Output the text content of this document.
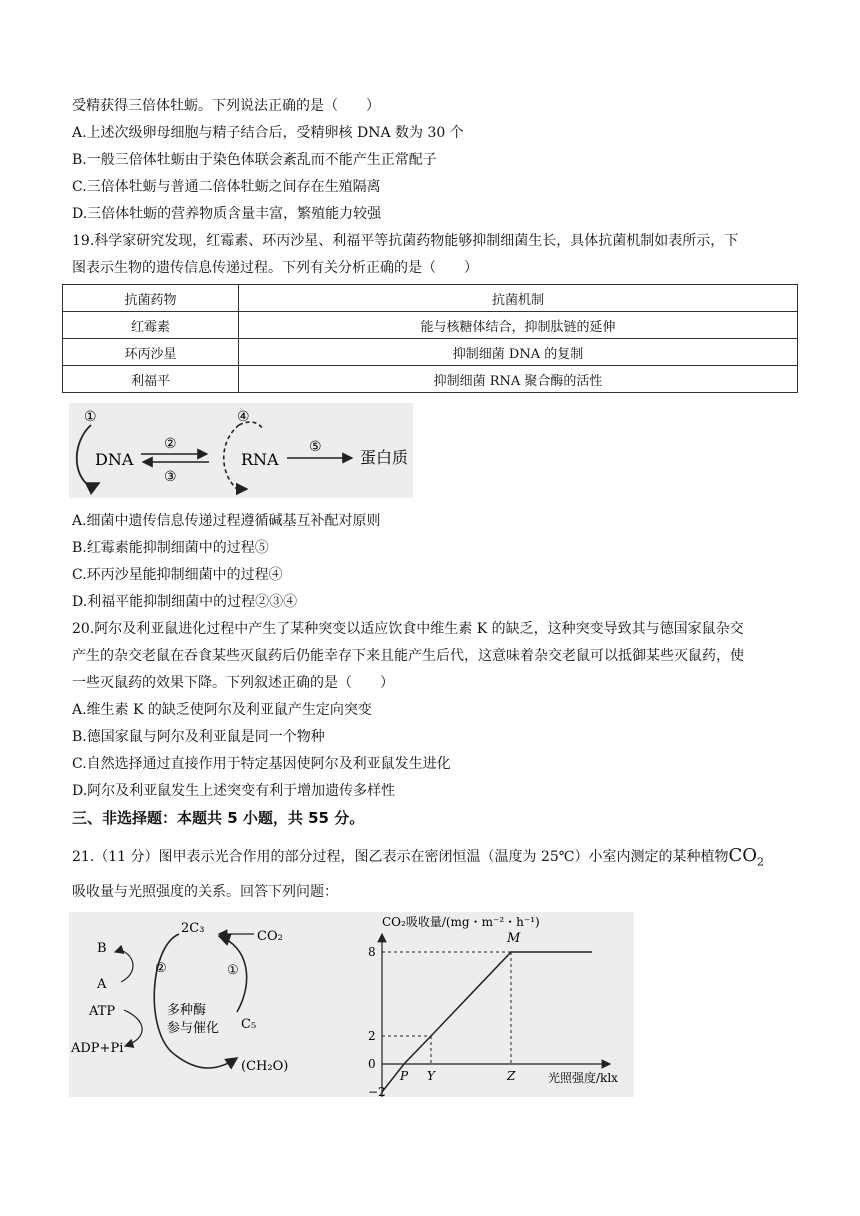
受精获得三倍体牡蛎。下列说法正确的是（　　）
A.上述次级卵母细胞与精子结合后，受精卵核 DNA 数为 30 个
B.一般三倍体牡蛎由于染色体联会紊乱而不能产生正常配子
C.三倍体牡蛎与普通二倍体牡蛎之间存在生殖隔离
D.三倍体牡蛎的营养物质含量丰富，繁殖能力较强
19.科学家研究发现，红霉素、环丙沙星、利福平等抗菌药物能够抑制细菌生长，具体抗菌机制如表所示，下
图表示生物的遗传信息传递过程。下列有关分析正确的是（　　）
抗菌药物	抗菌机制
红霉素	能与核糖体结合，抑制肽链的延伸
环丙沙星	抑制细菌 DNA 的复制
利福平	抑制细菌 RNA 聚合酶的活性
①
DNA
②
③
④
RNA
⑤
蛋白质
A.细菌中遗传信息传递过程遵循碱基互补配对原则
B.红霉素能抑制细菌中的过程⑤
C.环丙沙星能抑制细菌中的过程④
D.利福平能抑制细菌中的过程②③④
20.阿尔及利亚鼠进化过程中产生了某种突变以适应饮食中维生素 K 的缺乏，这种突变导致其与德国家鼠杂交
产生的杂交老鼠在吞食某些灭鼠药后仍能幸存下来且能产生后代，这意味着杂交老鼠可以抵御某些灭鼠药，使
一些灭鼠药的效果下降。下列叙述正确的是（　　）
A.维生素 K 的缺乏使阿尔及利亚鼠产生定向突变
B.德国家鼠与阿尔及利亚鼠是同一个物种
C.自然选择通过直接作用于特定基因使阿尔及利亚鼠发生进化
D.阿尔及利亚鼠发生上述突变有利于增加遗传多样性
三、非选择题：本题共 5 小题，共 55 分。
21.（11 分）图甲表示光合作用的部分过程，图乙表示在密闭恒温（温度为 25℃）小室内测定的某种植物$CO_2$
吸收量与光照强度的关系。回答下列问题：
2C₃
CO₂
②	①
多种酶
参与催化 C₅
(CH₂O)
B
A
ATP
ADP+Pi
8
2
0
−2
P Y	Z
CO₂吸收量/(mg・m⁻²・h⁻¹)
光照强度/klx
M
